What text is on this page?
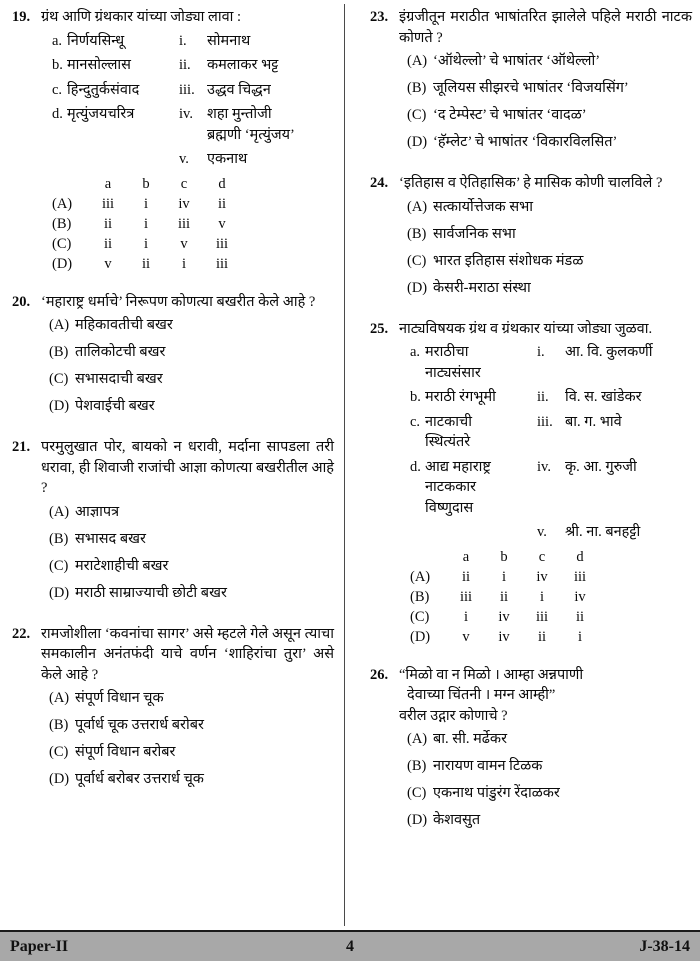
19. ग्रंथ आणि ग्रंथकार यांच्या जोड्या लावा :

a. निर्णयसिन्धू	i.	सोमनाथ
b. मानसोल्लास	ii.	कमलाकर भट्ट
c. हिन्दुतुर्कसंवाद	iii. उद्धव चिद्धन
d. मृत्युंजयचरित्र	iv. शहा मुन्तोजी
ब्रह्मणी ‘मृत्युंजय’
v.	एकनाथ
a	b	c	d
(A)	iii	i	iv	ii
(B)	ii	i	iii	v
(C)	ii	i	v	iii
(D)	v	ii	i	iii
20. ‘महाराष्ट्र धर्माचे’ निरूपण कोणत्या बखरीत केले आहे ?

(A) महिकावतीची बखर
(B) तालिकोटची बखर
(C) सभासदाची बखर
(D) पेशवाईची बखर
21. परमुलुखात पोर, बायको न धरावी, मर्दाना सापडला तरी धरावा, ही शिवाजी राजांची आज्ञा कोणत्या बखरीतील आहे ?

(A) आज्ञापत्र
(B) सभासद बखर
(C) मराटेशाहीची बखर
(D) मराठी साम्राज्याची छोटी बखर
22. रामजोशीला ‘कवनांचा सागर’ असे म्हटले गेले असून त्याचा समकालीन अनंतफंदी याचे वर्णन ‘शाहिरांचा तुरा’ असे केले आहे ?

(A) संपूर्ण विधान चूक
(B) पूर्वार्ध चूक उत्तरार्ध बरोबर
(C) संपूर्ण विधान बरोबर
(D) पूर्वार्ध बरोबर उत्तरार्ध चूक
23. इंग्रजीतून मराठीत भाषांतरित झालेले पहिले मराठी नाटक कोणते ?

(A) ‘ऑथेल्लो’ चे भाषांतर ‘ऑथेल्लो’
(B) जूलियस सीझरचे भाषांतर ‘विजयसिंग’
(C) ‘द टेम्पेस्ट’ चे भाषांतर ‘वादळ’
(D) ‘हॅम्लेट’ चे भाषांतर ‘विकारविलसित’
24. ‘इतिहास व ऐतिहासिक’ हे मासिक कोणी चालविले ?

(A) सत्कार्योत्तेजक सभा
(B) सार्वजनिक सभा
(C) भारत इतिहास संशोधक मंडळ
(D) केसरी-मराठा संस्था
25. नाट्यविषयक ग्रंथ व ग्रंथकार यांच्या जोड्या जुळवा.

a. मराठीचा
नाट्यसंसार
i.	आ. वि. कुलकर्णी
b. मराठी रंगभूमी	ii.	वि. स. खांडेकर
c. नाटकाची
स्थित्यंतरे
iii. बा. ग. भावे
d. आद्य महाराष्ट्र
नाटककार
विष्णुदास
iv. कृ. आ. गुरुजी
v.	श्री. ना. बनहट्टी
a	b	c	d
(A)	ii	i	iv	iii
(B)	iii	ii	i	iv
(C)	i	iv	iii	ii
(D)	v	iv	ii	i
26. “मिळो वा न मिळो । आम्हा अन्नपाणी

देवाच्या चिंतनी । मग्न आम्ही”

वरील उद्गार कोणाचे ?

(A) बा. सी. मर्ढेकर
(B) नारायण वामन टिळक
(C) एकनाथ पांडुरंग रेंदाळकर
(D) केशवसुत
Paper-II	4	J-38-14
